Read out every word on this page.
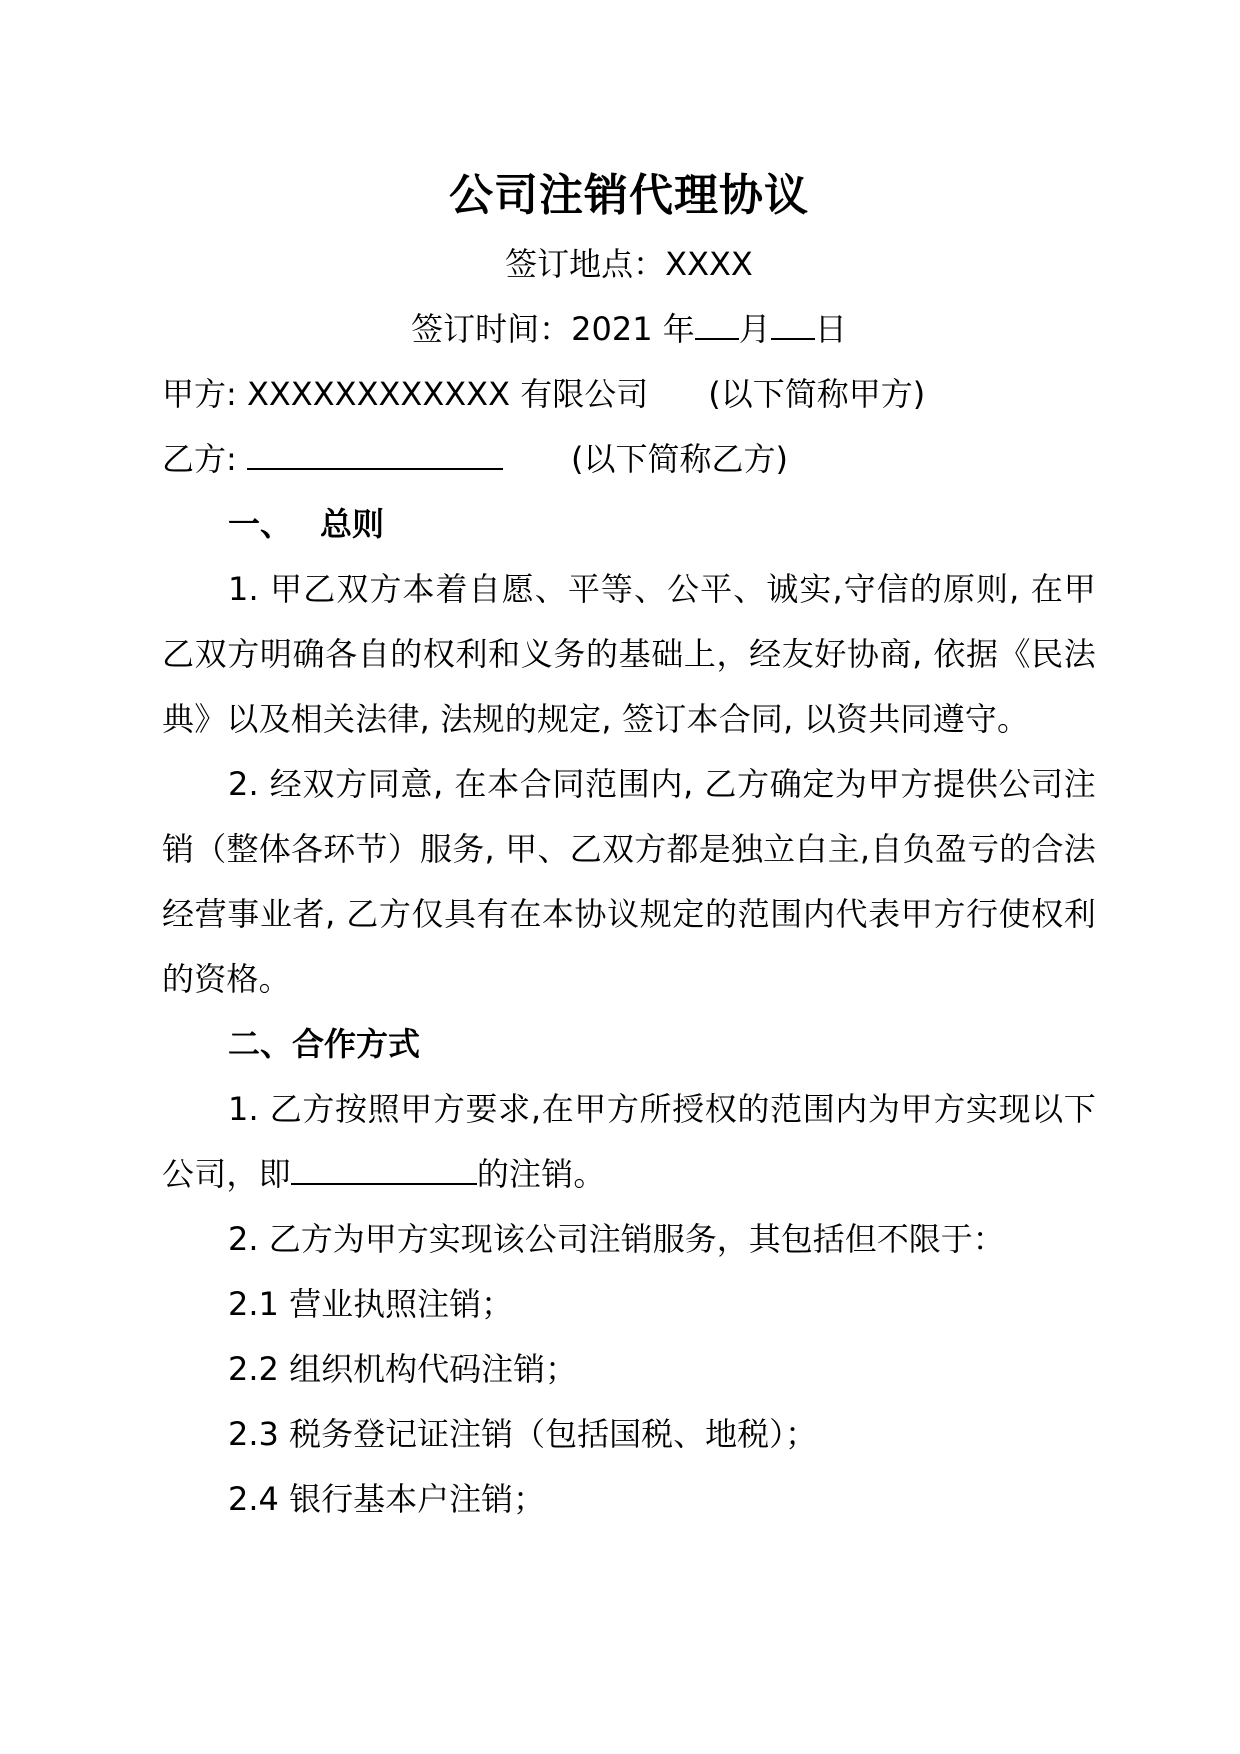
公司注销代理协议

签订地点：XXXX

签订时间：2021 年 月 日

甲方: XXXXXXXXXXXX 有限公司 (以下简称甲方)

乙方:	(以下简称乙方)

一、 总则

1. 甲乙双方本着自愿、平等、公平、诚实,守信的原则, 在甲乙双方明确各自的权利和义务的基础上，经友好协商, 依据《民法典》以及相关法律, 法规的规定, 签订本合同, 以资共同遵守。

2. 经双方同意, 在本合同范围内, 乙方确定为甲方提供公司注销（整体各环节）服务, 甲、乙双方都是独立白主,自负盈亏的合法经营事业者, 乙方仅具有在本协议规定的范围内代表甲方行使权利的资格。

二、合作方式

1. 乙方按照甲方要求,在甲方所授权的范围内为甲方实现以下公司，即	的注销。

2. 乙方为甲方实现该公司注销服务，其包括但不限于：

2.1 营业执照注销；

2.2 组织机构代码注销；

2.3 税务登记证注销（包括国税、地税）；

2.4 银行基本户注销；
